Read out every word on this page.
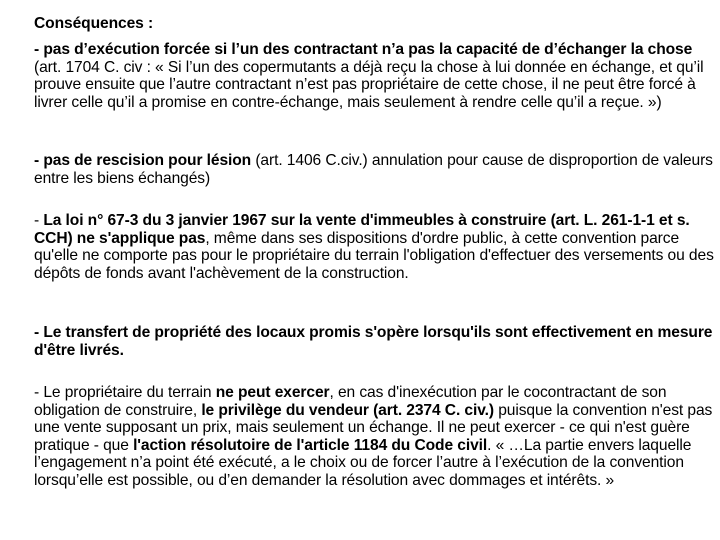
Conséquences :
- pas d’exécution forcée si l’un des contractant n’a pas la capacité de d’échanger la chose (art. 1704 C. civ : « Si l’un des copermutants a déjà reçu la chose à lui donnée en échange, et qu’il prouve ensuite que l’autre contractant n’est pas propriétaire de cette chose, il ne peut être forcé à livrer celle qu’il a promise en contre-échange, mais seulement à rendre celle qu’il a reçue. »)
- pas de rescision pour lésion (art. 1406 C.civ.) annulation pour cause de disproportion de valeurs entre les biens échangés)
- La loi n° 67-3 du 3 janvier 1967 sur la vente d'immeubles à construire (art. L. 261-1-1 et s. CCH) ne s'applique pas, même dans ses dispositions d'ordre public, à cette convention parce qu'elle ne comporte pas pour le propriétaire du terrain l'obligation d'effectuer des versements ou des dépôts de fonds avant l'achèvement de la construction.
- Le transfert de propriété des locaux promis s'opère lorsqu'ils sont effectivement en mesure d'être livrés.
- Le propriétaire du terrain ne peut exercer, en cas d'inexécution par le cocontractant de son obligation de construire, le privilège du vendeur (art. 2374 C. civ.) puisque la convention n'est pas une vente supposant un prix, mais seulement un échange. Il ne peut exercer - ce qui n'est guère pratique - que l'action résolutoire de l'article 1184 du Code civil. « …La partie envers laquelle l’engagement n’a point été exécuté, a le choix ou de forcer l’autre à l’exécution de la convention lorsqu’elle est possible, ou d’en demander la résolution avec dommages et intérêts. »
